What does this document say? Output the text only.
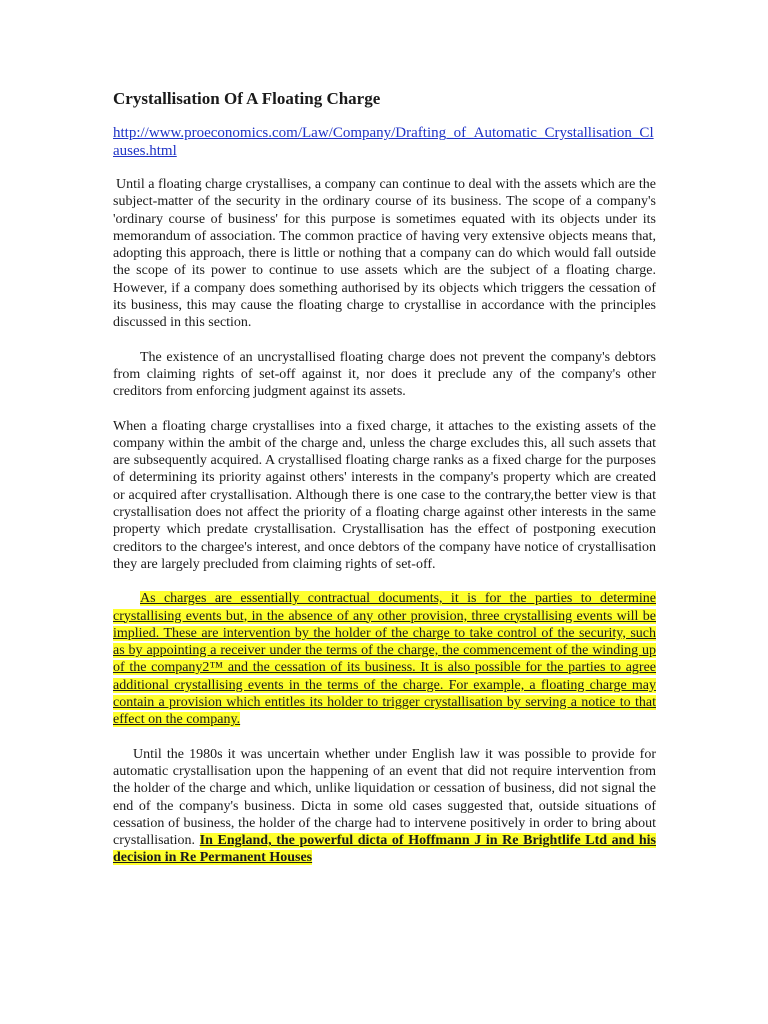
Crystallisation Of A Floating Charge
http://www.proeconomics.com/Law/Company/Drafting_of_Automatic_Crystallisation_Clauses.html

Until a floating charge crystallises, a company can continue to deal with the assets which are the subject-matter of the security in the ordinary course of its business. The scope of a company's 'ordinary course of business' for this purpose is sometimes equated with its objects under its memorandum of association. The common practice of having very extensive objects means that, adopting this approach, there is little or nothing that a company can do which would fall outside the scope of its power to continue to use assets which are the subject of a floating charge. However, if a company does something authorised by its objects which triggers the cessation of its business, this may cause the floating charge to crystallise in accordance with the principles discussed in this section.

The existence of an uncrystallised floating charge does not prevent the company's debtors from claiming rights of set-off against it, nor does it preclude any of the company's other creditors from enforcing judgment against its assets.

When a floating charge crystallises into a fixed charge, it attaches to the existing assets of the company within the ambit of the charge and, unless the charge excludes this, all such assets that are subsequently acquired. A crystallised floating charge ranks as a fixed charge for the purposes of determining its priority against others' interests in the company's property which are created or acquired after crystallisation. Although there is one case to the contrary,the better view is that crystallisation does not affect the priority of a floating charge against other interests in the same property which predate crystallisation. Crystallisation has the effect of postponing execution creditors to the chargee's interest, and once debtors of the company have notice of crystallisation they are largely precluded from claiming rights of set-off.

As charges are essentially contractual documents, it is for the parties to determine crystallising events but, in the absence of any other provision, three crystallising events will be implied. These are intervention by the holder of the charge to take control of the security, such as by appointing a receiver under the terms of the charge, the commencement of the winding up of the company2™ and the cessation of its business. It is also possible for the parties to agree additional crystallising events in the terms of the charge. For example, a floating charge may contain a provision which entitles its holder to trigger crystallisation by serving a notice to that effect on the company.

Until the 1980s it was uncertain whether under English law it was possible to provide for automatic crystallisation upon the happening of an event that did not require intervention from the holder of the charge and which, unlike liquidation or cessation of business, did not signal the end of the company's business. Dicta in some old cases suggested that, outside situations of cessation of business, the holder of the charge had to intervene positively in order to bring about crystallisation. In England, the powerful dicta of Hoffmann J in Re Brightlife Ltd and his decision in Re Permanent Houses
